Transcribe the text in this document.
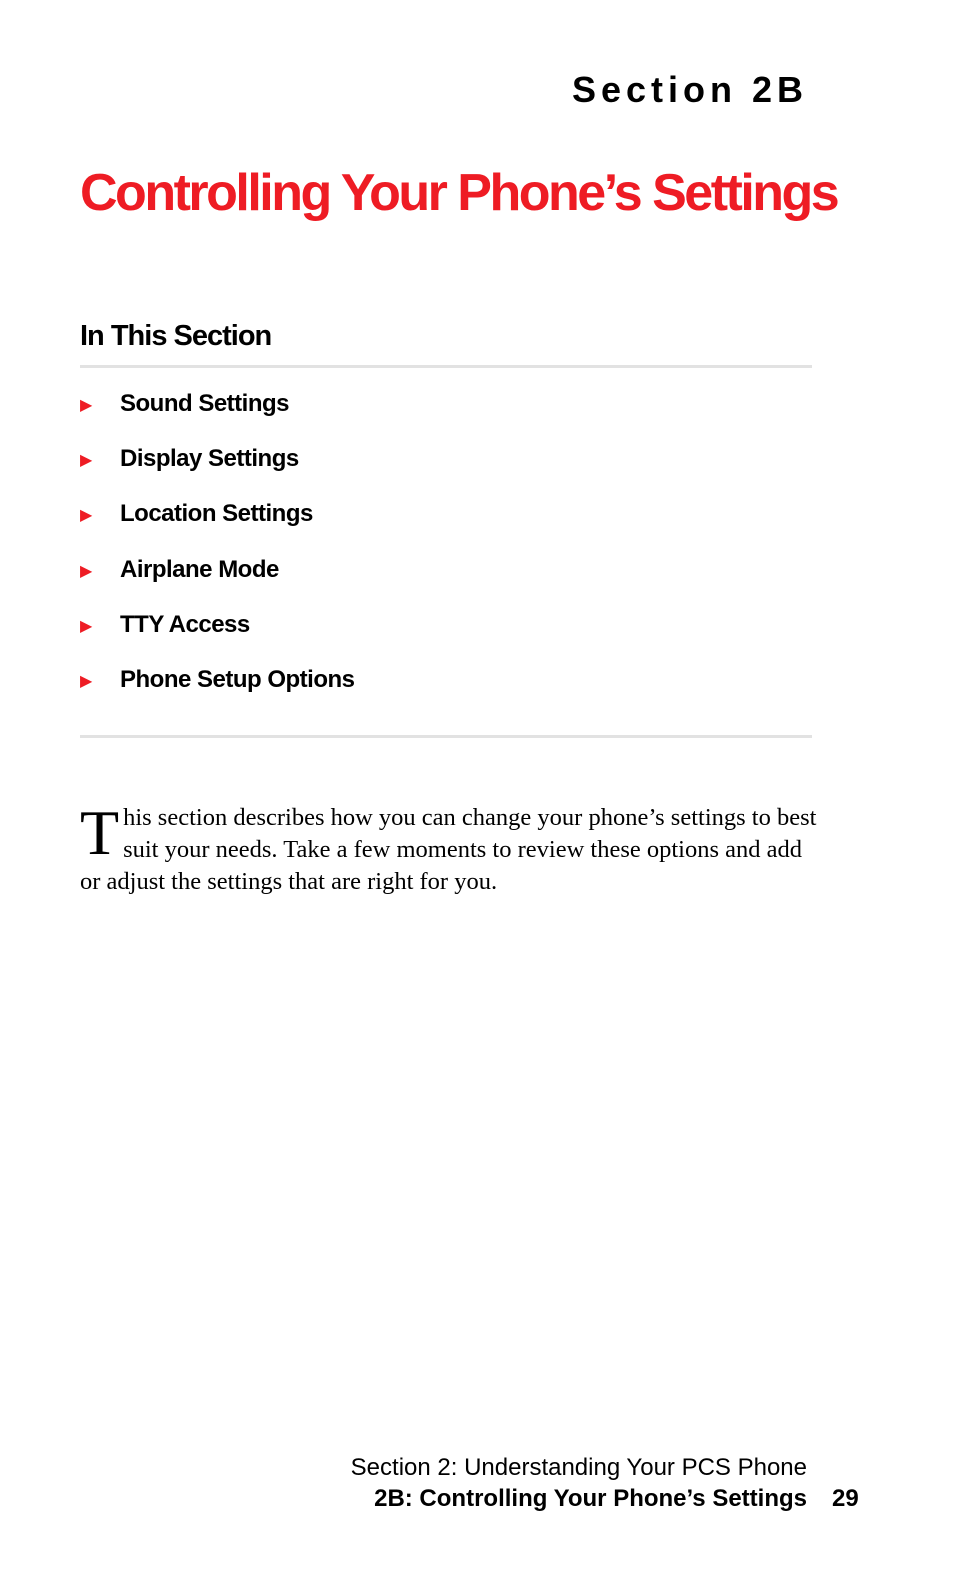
Section 2B
Controlling Your Phone’s Settings
In This Section
▶	Sound Settings
▶	Display Settings
▶	Location Settings
▶	Airplane Mode
▶	TTY Access
▶	Phone Setup Options

This section describes how you can change your phone’s settings to best suit your needs. Take a few moments to review these options and add or adjust the settings that are right for you.

Section 2: Understanding Your PCS Phone
2B: Controlling Your Phone’s Settings 29
